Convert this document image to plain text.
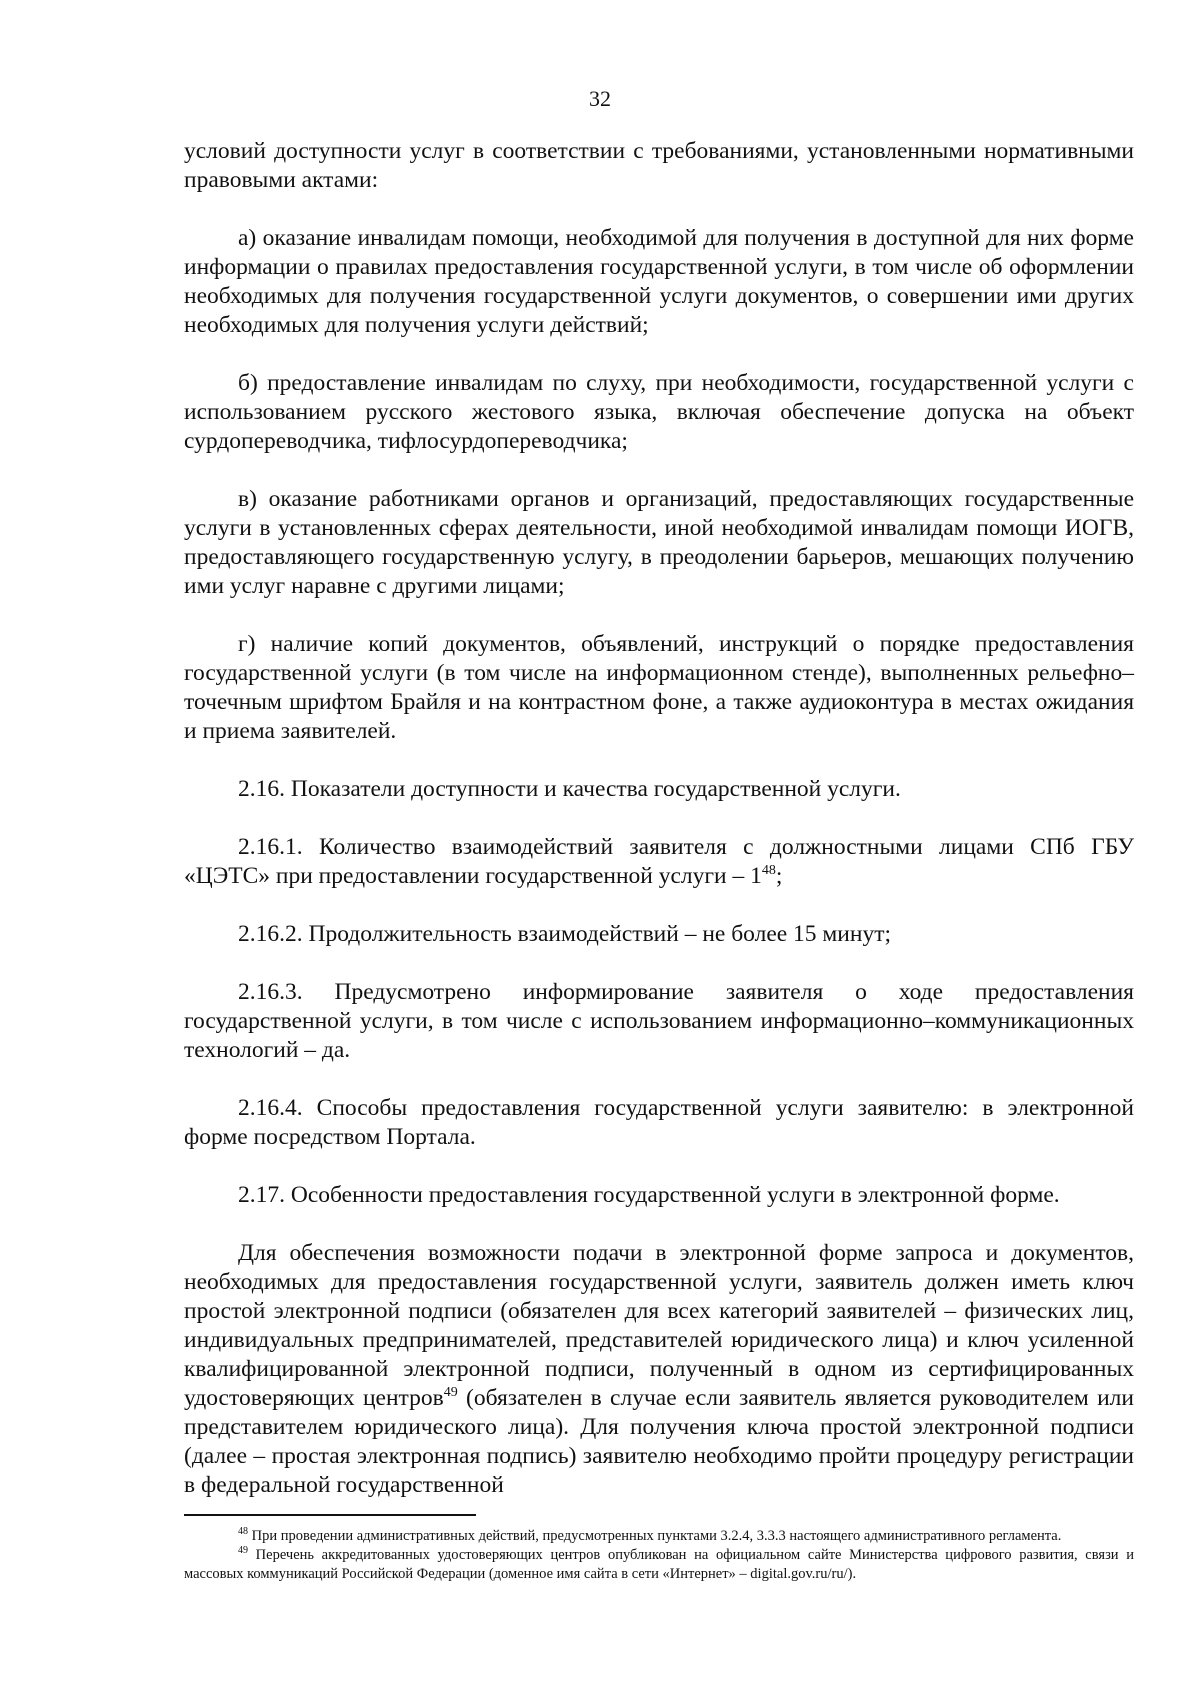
32

условий доступности услуг в соответствии с требованиями, установленными нормативными правовыми актами:

а) оказание инвалидам помощи, необходимой для получения в доступной для них форме информации о правилах предоставления государственной услуги, в том числе об оформлении необходимых для получения государственной услуги документов, о совершении ими других необходимых для получения услуги действий;

б) предоставление инвалидам по слуху, при необходимости, государственной услуги с использованием русского жестового языка, включая обеспечение допуска на объект сурдопереводчика, тифлосурдопереводчика;

в) оказание работниками органов и организаций, предоставляющих государственные услуги в установленных сферах деятельности, иной необходимой инвалидам помощи ИОГВ, предоставляющего государственную услугу, в преодолении барьеров, мешающих получению ими услуг наравне с другими лицами;

г) наличие копий документов, объявлений, инструкций о порядке предоставления государственной услуги (в том числе на информационном стенде), выполненных рельефно–точечным шрифтом Брайля и на контрастном фоне, а также аудиоконтура в местах ожидания и приема заявителей.

2.16. Показатели доступности и качества государственной услуги.

2.16.1. Количество взаимодействий заявителя с должностными лицами СПб ГБУ «ЦЭТС» при предоставлении государственной услуги – $1^{48}$;

2.16.2. Продолжительность взаимодействий – не более 15 минут;

2.16.3. Предусмотрено информирование заявителя о ходе предоставления государственной услуги, в том числе с использованием информационно–коммуникационных технологий – да.

2.16.4. Способы предоставления государственной услуги заявителю: в электронной форме посредством Портала.

2.17. Особенности предоставления государственной услуги в электронной форме.

Для обеспечения возможности подачи в электронной форме запроса и документов, необходимых для предоставления государственной услуги, заявитель должен иметь ключ простой электронной подписи (обязателен для всех категорий заявителей – физических лиц, индивидуальных предпринимателей, представителей юридического лица) и ключ усиленной квалифицированной электронной подписи, полученный в одном из сертифицированных удостоверяющих центров$^{49}$ (обязателен в случае если заявитель является руководителем или представителем юридического лица). Для получения ключа простой электронной подписи (далее – простая электронная подпись) заявителю необходимо пройти процедуру регистрации в федеральной государственной

$^{48}$ При проведении административных действий, предусмотренных пунктами 3.2.4, 3.3.3 настоящего административного регламента.

$^{49}$ Перечень аккредитованных удостоверяющих центров опубликован на официальном сайте Министерства цифрового развития, связи и массовых коммуникаций Российской Федерации (доменное имя сайта в сети «Интернет» – digital.gov.ru/ru/).
